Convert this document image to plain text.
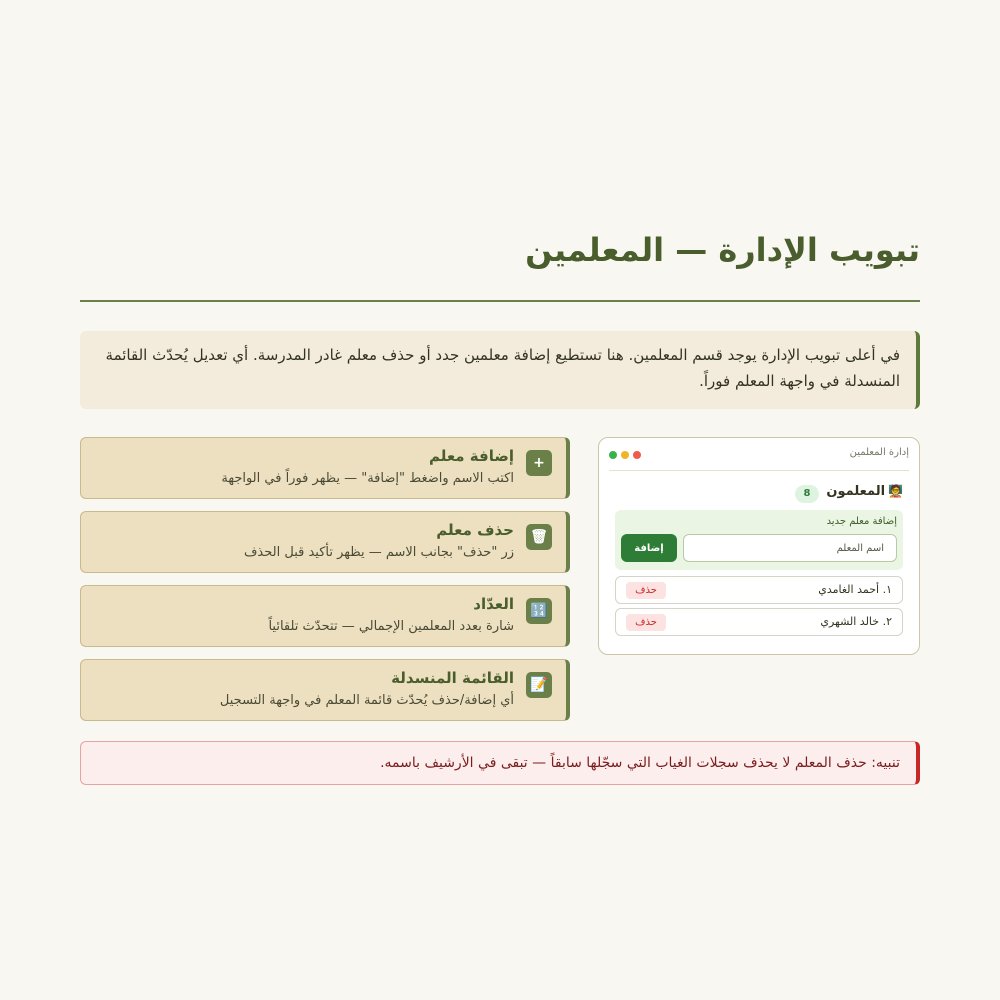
تبويب الإدارة — المعلمين
في أعلى تبويب الإدارة يوجد قسم المعلمين. هنا تستطيع إضافة معلمين جدد أو حذف معلم غادر المدرسة. أي تعديل يُحدّث القائمة المنسدلة في واجهة المعلم فوراً.
+
إضافة معلم
اكتب الاسم واضغط "إضافة" — يظهر فوراً في الواجهة
🗑
حذف معلم
زر "حذف" بجانب الاسم — يظهر تأكيد قبل الحذف
🔢
العدّاد
شارة بعدد المعلمين الإجمالي — تتحدّث تلقائياً
📝
القائمة المنسدلة
أي إضافة/حذف يُحدّث قائمة المعلم في واجهة التسجيل
إدارة المعلمين
🧑‍🏫المعلمون
8
إضافة معلم جديد
اسم المعلم
إضافة
١. أحمد الغامدي
حذف
٢. خالد الشهري
حذف
تنبيه: حذف المعلم لا يحذف سجلات الغياب التي سجّلها سابقاً — تبقى في الأرشيف باسمه.
